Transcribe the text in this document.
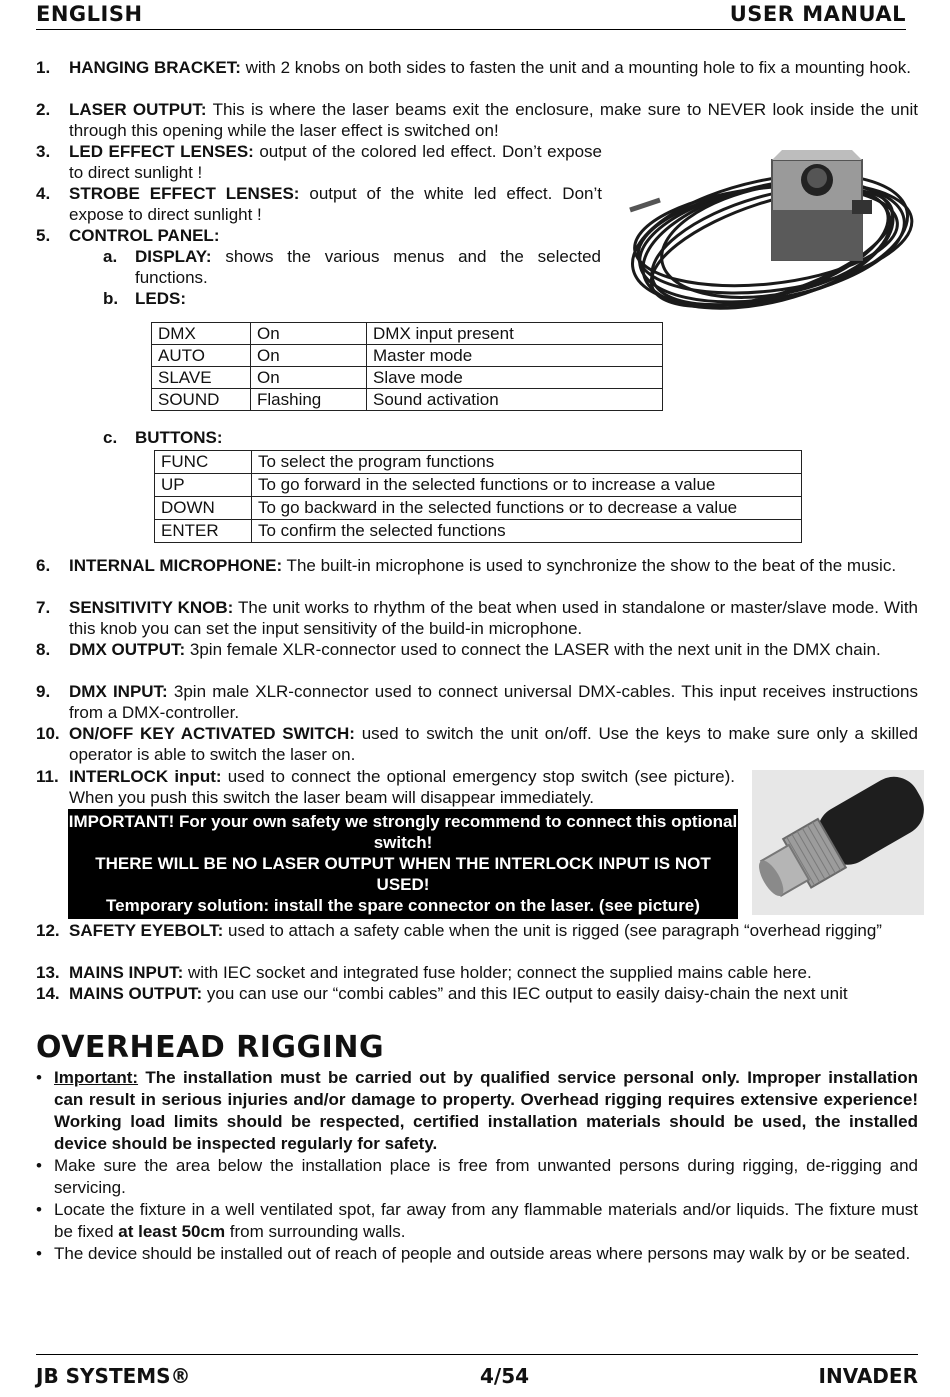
ENGLISH	USER MANUAL
1. HANGING BRACKET: with 2 knobs on both sides to fasten the unit and a mounting hole to fix a mounting hook.
2. LASER OUTPUT: This is where the laser beams exit the enclosure, make sure to NEVER look inside the unit through this opening while the laser effect is switched on!
3. LED EFFECT LENSES: output of the colored led effect. Don’t expose to direct sunlight !
4. STROBE EFFECT LENSES: output of the white led effect. Don’t expose to direct sunlight !
5. CONTROL PANEL:
a. DISPLAY: shows the various menus and the selected functions.
b. LEDS:
DMX	On	DMX input present
AUTO	On	Master mode
SLAVE	On	Slave mode
SOUND	Flashing	Sound activation
c. BUTTONS:
FUNC	To select the program functions
UP	To go forward in the selected functions or to increase a value
DOWN	To go backward in the selected functions or to decrease a value
ENTER	To confirm the selected functions
6. INTERNAL MICROPHONE: The built-in microphone is used to synchronize the show to the beat of the music.
7. SENSITIVITY KNOB: The unit works to rhythm of the beat when used in standalone or master/slave mode. With this knob you can set the input sensitivity of the build-in microphone.
8. DMX OUTPUT: 3pin female XLR-connector used to connect the LASER with the next unit in the DMX chain.
9. DMX INPUT: 3pin male XLR-connector used to connect universal DMX-cables. This input receives instructions from a DMX-controller.
10. ON/OFF KEY ACTIVATED SWITCH: used to switch the unit on/off. Use the keys to make sure only a skilled operator is able to switch the laser on.
11. INTERLOCK input: used to connect the optional emergency stop switch (see picture). When you push this switch the laser beam will disappear immediately.
IMPORTANT! For your own safety we strongly recommend to connect this optional switch!
THERE WILL BE NO LASER OUTPUT WHEN THE INTERLOCK INPUT IS NOT USED!
Temporary solution: install the spare connector on the laser. (see picture)
12. SAFETY EYEBOLT: used to attach a safety cable when the unit is rigged (see paragraph “overhead rigging”
13. MAINS INPUT: with IEC socket and integrated fuse holder; connect the supplied mains cable here.
14. MAINS OUTPUT: you can use our “combi cables” and this IEC output to easily daisy-chain the next unit
OVERHEAD RIGGING
• Important: The installation must be carried out by qualified service personal only. Improper installation can result in serious injuries and/or damage to property. Overhead rigging requires extensive experience! Working load limits should be respected, certified installation materials should be used, the installed device should be inspected regularly for safety.
• Make sure the area below the installation place is free from unwanted persons during rigging, de-rigging and servicing.
• Locate the fixture in a well ventilated spot, far away from any flammable materials and/or liquids. The fixture must be fixed at least 50cm from surrounding walls.
• The device should be installed out of reach of people and outside areas where persons may walk by or be seated.
JB SYSTEMS®	4/54	INVADER
